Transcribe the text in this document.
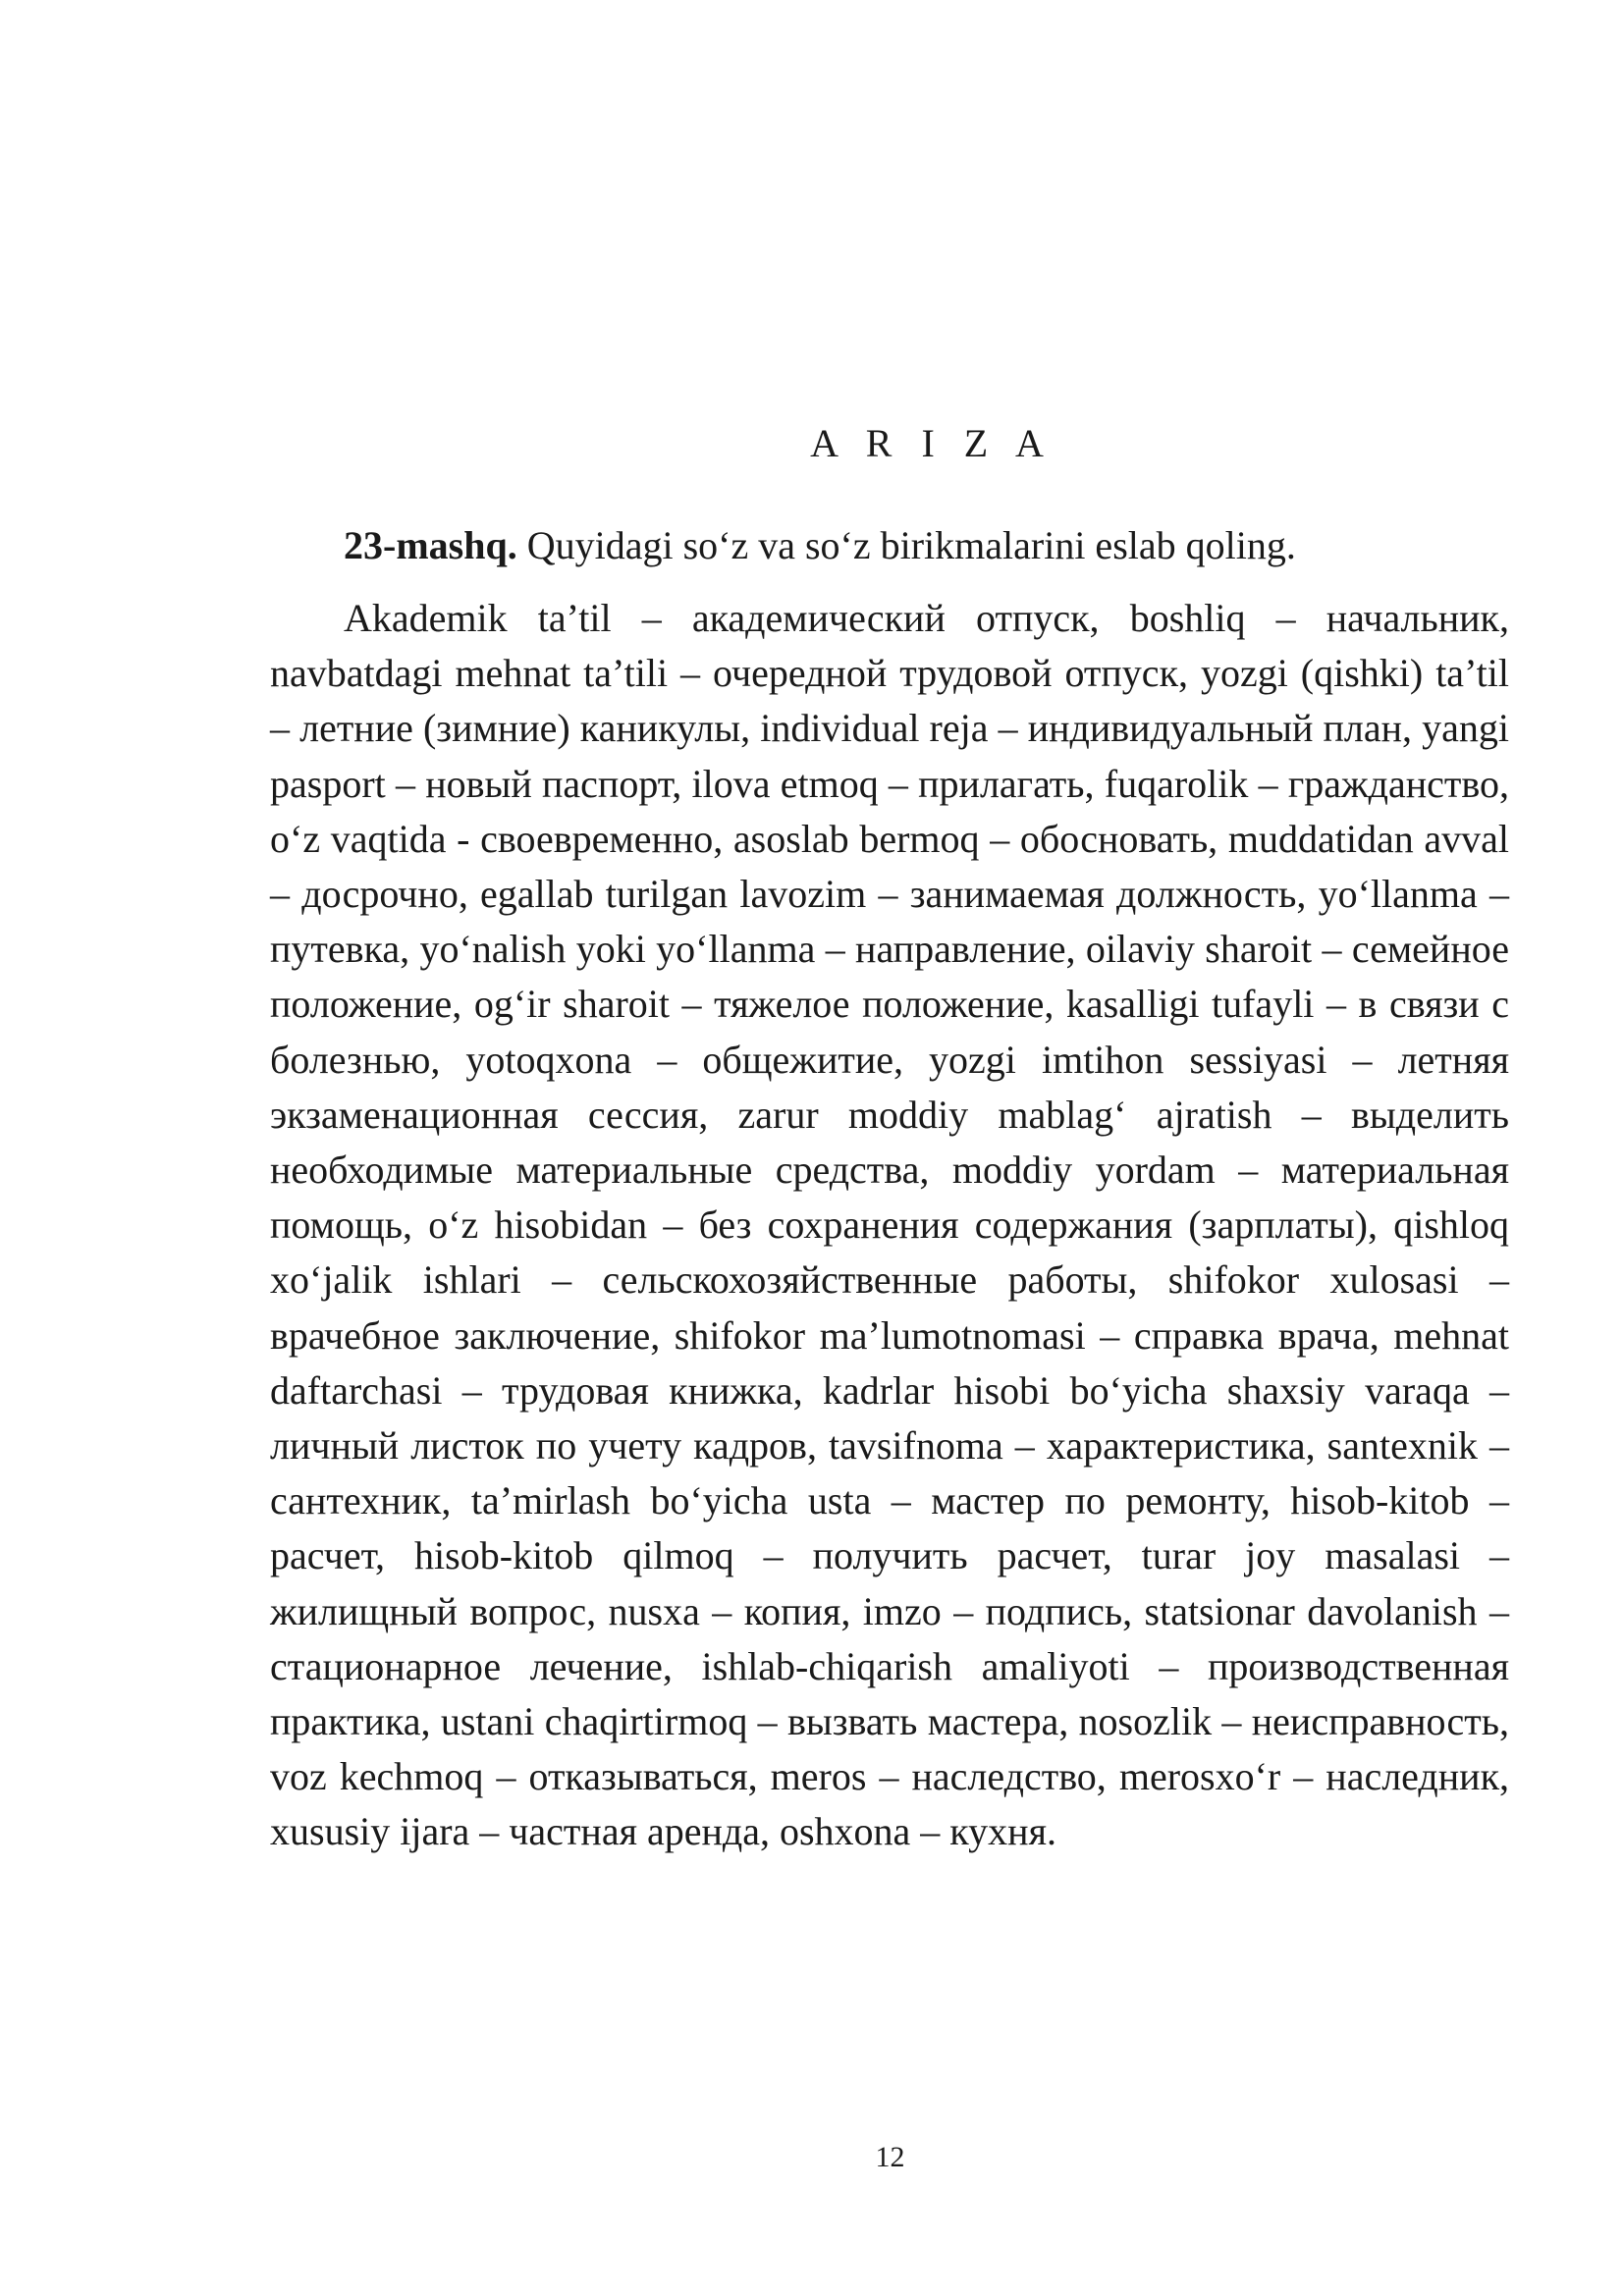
A R I Z A
23-mashq. Quyidagi so‘z va so‘z birikmalarini eslab qoling.

Akademik ta’til – академический отпуск, boshliq – начальник, navbatdagi mehnat ta’tili – очередной трудовой отпуск, yozgi (qishki) ta’til – летние (зимние) каникулы, individual reja – индивидуальный план, yangi pasport – новый паспорт, ilova etmoq – прилагать, fuqarolik – гражданство, o‘z vaqtida - своевременно, asoslab bermoq – обосновать, muddatidan avval – досрочно, egallab turilgan lavozim – занимаемая должность, yo‘llanma – путевка, yo‘nalish yoki yo‘llanma – направление, oilaviy sharoit – семейное положение, og‘ir sharoit – тяжелое положение, kasalligi tufayli – в связи с болезнью, yotoqxona – общежитие, yozgi imtihon sessiyasi – летняя экзаменационная сессия, zarur moddiy mablag‘ ajratish – выделить необходимые материальные средства, moddiy yordam – материальная помощь, o‘z hisobidan – без сохранения содержания (зарплаты), qishloq xo‘jalik ishlari – сельскохозяйственные работы, shifokor xulosasi – врачебное заключение, shifokor ma’lumotnomasi – справка врача, mehnat daftarchasi – трудовая книжка, kadrlar hisobi bo‘yicha shaxsiy varaqa – личный листок по учету кадров, tavsifnoma – характеристика, santexnik – сантехник, ta’mirlash bo‘yicha usta – мастер по ремонту, hisob-kitob – расчет, hisob-kitob qilmoq – получить расчет, turar joy masalasi – жилищный вопрос, nusxa – копия, imzo – подпись, statsionar davolanish – стационарное лечение, ishlab-chiqarish amaliyoti – производственная практика, ustani chaqirtirmoq – вызвать мастера, nosozlik – неисправность, voz kechmoq – отказываться, meros – наследство, merosxo‘r – наследник, xususiy ijara – частная аренда, oshxona – кухня.

12
